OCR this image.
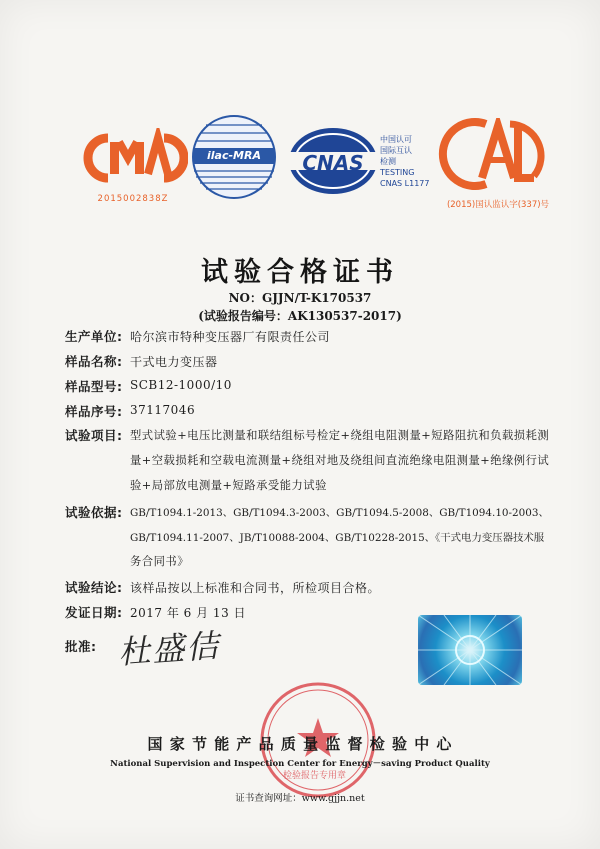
2015002838Z
ilac-MRA	CNAS
中国认可
国际互认
检测
TESTING
CNAS L1177
(2015)国认监认字(337)号
试验合格证书
NO：GJJN/T-K170537
(试验报告编号：AK130537-2017)
生产单位: 哈尔滨市特种变压器厂有限责任公司
样品名称: 干式电力变压器
样品型号: SCB12-1000/10
样品序号: 37117046
试验项目: 型式试验+电压比测量和联结组标号检定+绕组电阻测量+短路阻抗和负载损耗测
量+空载损耗和空载电流测量+绕组对地及绕组间直流绝缘电阻测量+绝缘例行试
验+局部放电测量+短路承受能力试验
试验依据: GB/T1094.1-2013、GB/T1094.3-2003、GB/T1094.5-2008、GB/T1094.10-2003、
GB/T1094.11-2007、JB/T10088-2004、GB/T10228-2015、《干式电力变压器技术服
务合同书》
试验结论: 该样品按以上标准和合同书，所检项目合格。
发证日期: 2017 年 6 月 13 日
批准: 杜盛佶
检验报告专用章
国 家 节 能 产 品 质 量 监 督 检 验 中 心
National Supervision and Inspection Center for Energy－saving Product Quality
证书查询网址：www.gjjn.net
